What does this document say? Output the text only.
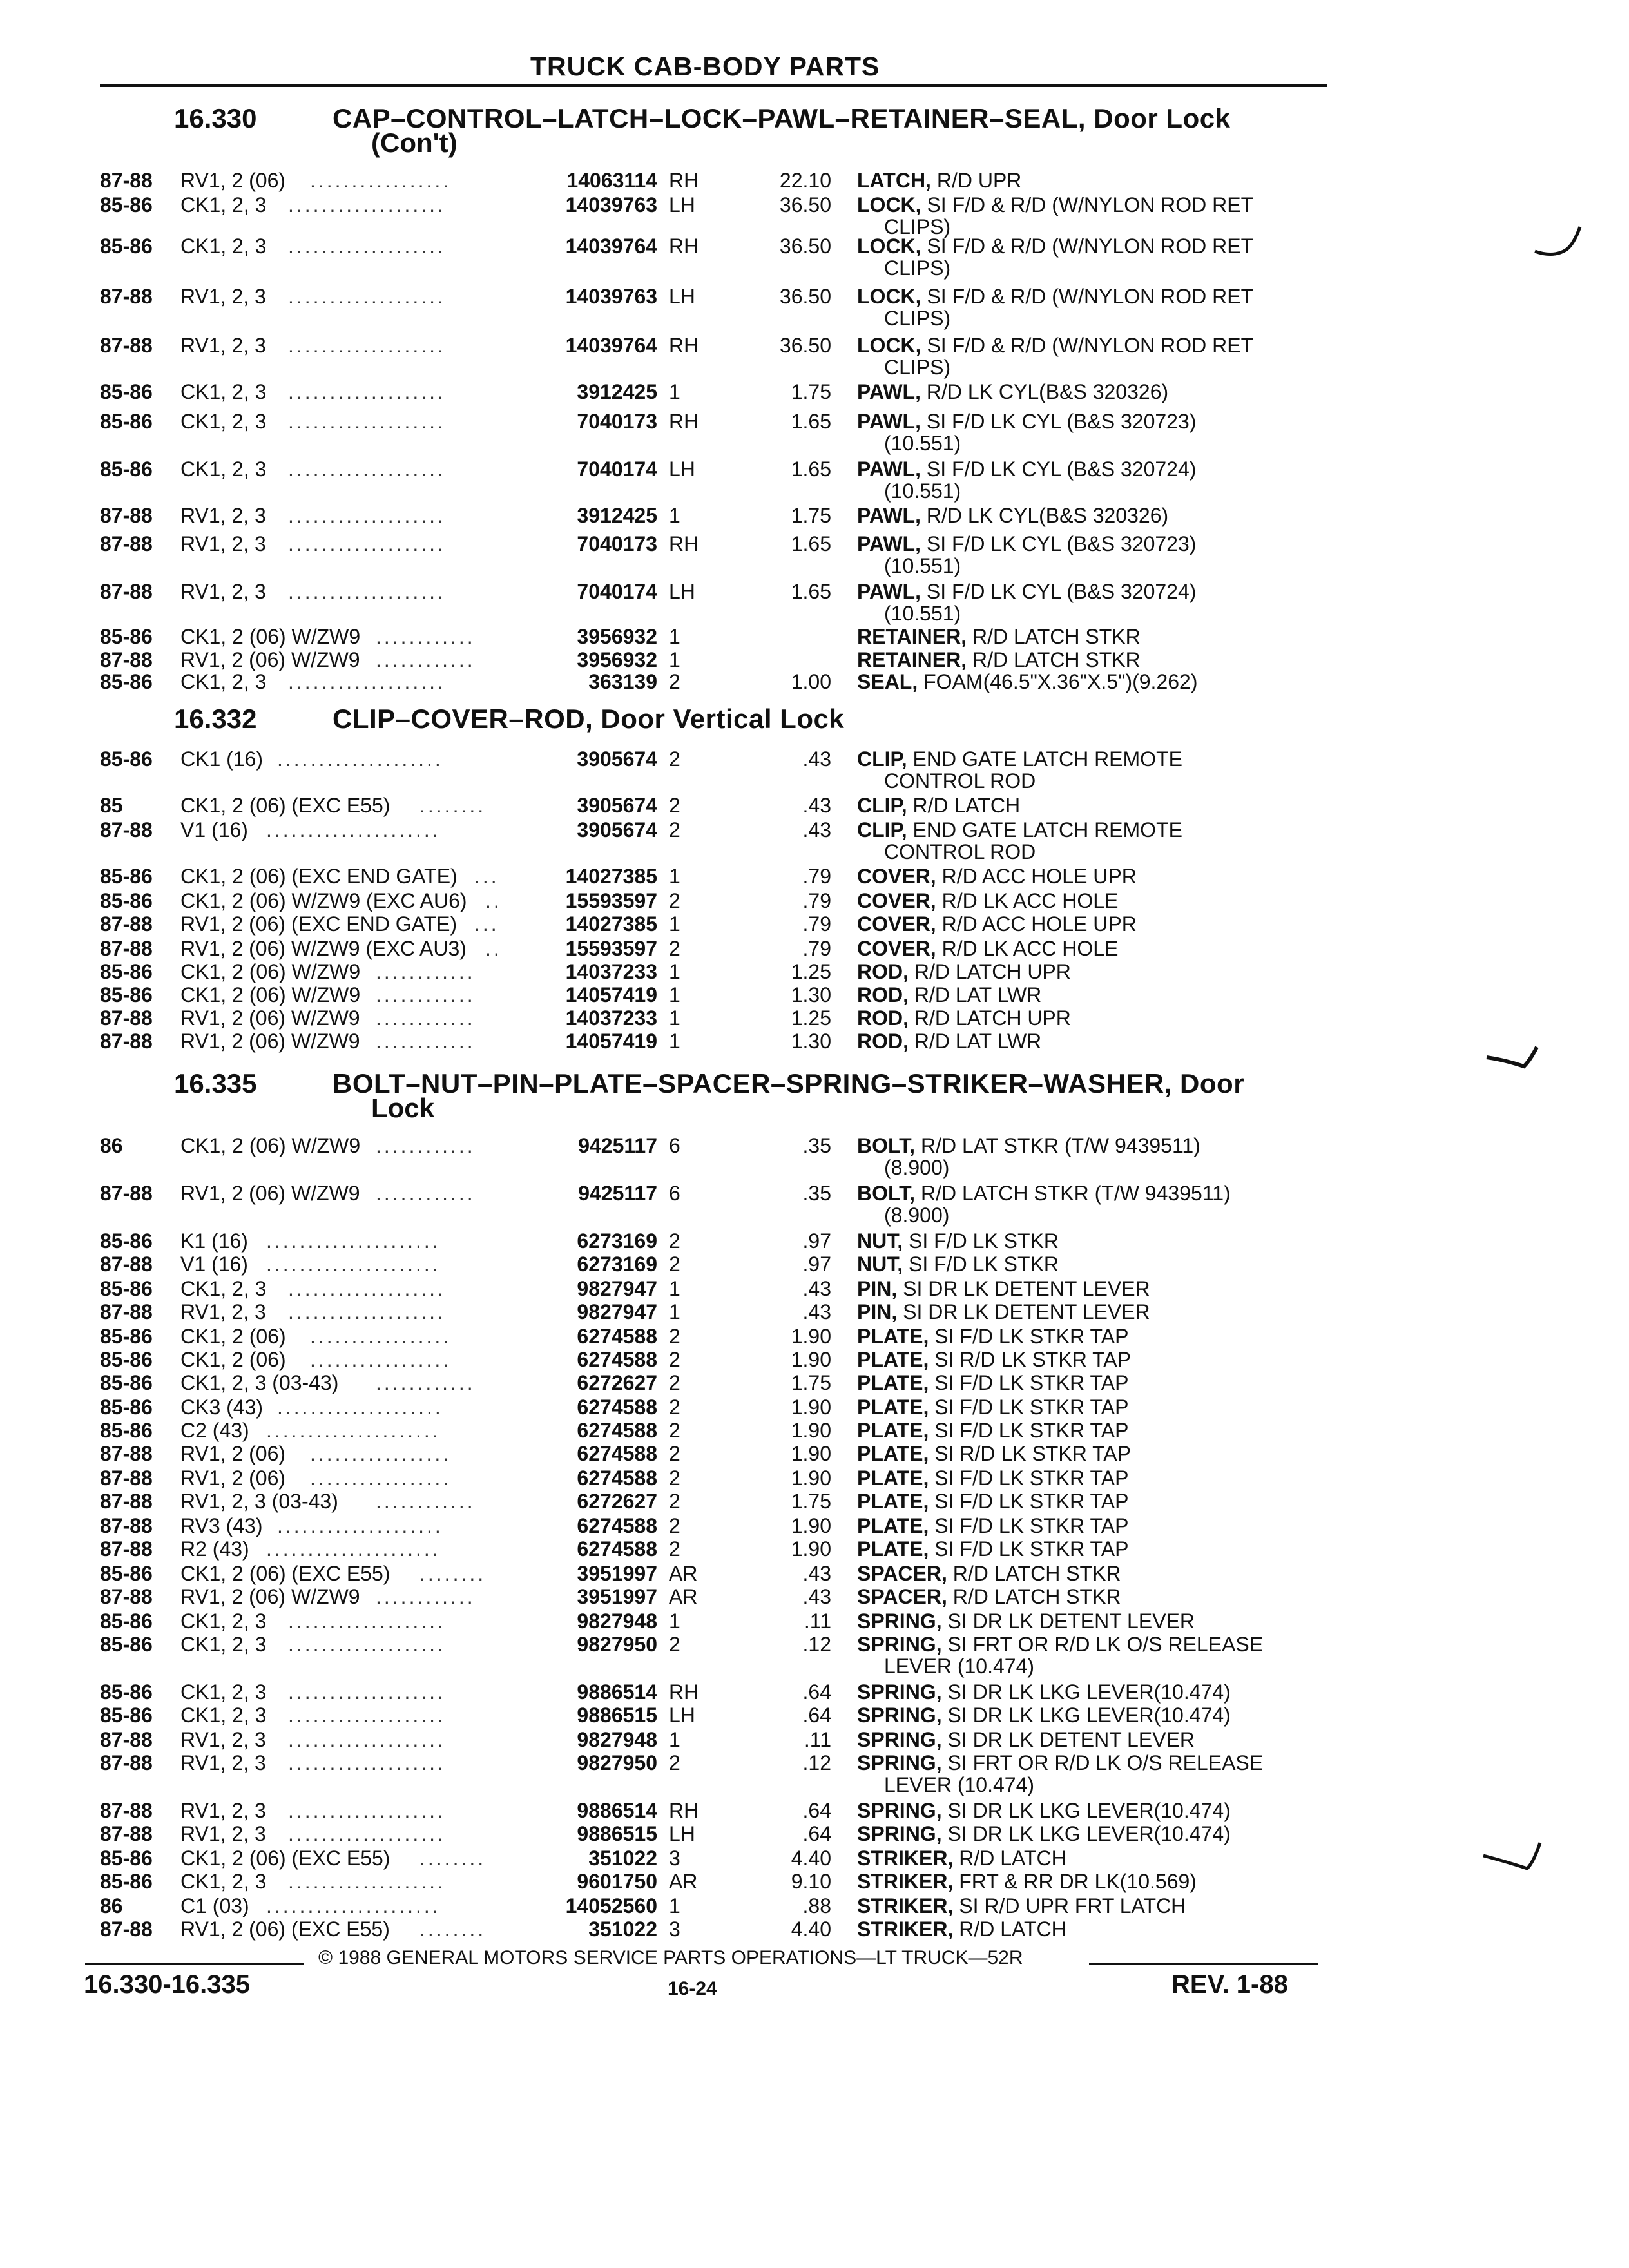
TRUCK CAB-BODY PARTS
16.330	CAP–CONTROL–LATCH–LOCK–PAWL–RETAINER–SEAL, Door Lock
(Con't)
87-88 RV1, 2 (06) .................	14063114 RH	22.10 LATCH, R/D UPR
85-86 CK1, 2, 3 ...................	14039763 LH	36.50 LOCK, SI F/D & R/D (W/NYLON ROD RET
CLIPS)
85-86 CK1, 2, 3 ...................	14039764 RH	36.50 LOCK, SI F/D & R/D (W/NYLON ROD RET
CLIPS)
87-88 RV1, 2, 3 ...................	14039763 LH	36.50 LOCK, SI F/D & R/D (W/NYLON ROD RET
CLIPS)
87-88 RV1, 2, 3 ...................	14039764 RH	36.50 LOCK, SI F/D & R/D (W/NYLON ROD RET
CLIPS)
85-86 CK1, 2, 3 ...................	3912425 1	1.75 PAWL, R/D LK CYL(B&S 320326)
85-86 CK1, 2, 3 ...................	7040173 RH	1.65 PAWL, SI F/D LK CYL (B&S 320723)
(10.551)
85-86 CK1, 2, 3 ...................	7040174 LH	1.65 PAWL, SI F/D LK CYL (B&S 320724)
(10.551)
87-88 RV1, 2, 3 ...................	3912425 1	1.75 PAWL, R/D LK CYL(B&S 320326)
87-88 RV1, 2, 3 ...................	7040173 RH	1.65 PAWL, SI F/D LK CYL (B&S 320723)
(10.551)
87-88 RV1, 2, 3 ...................	7040174 LH	1.65 PAWL, SI F/D LK CYL (B&S 320724)
(10.551)
85-86 CK1, 2 (06) W/ZW9 ............	3956932 1	RETAINER, R/D LATCH STKR
87-88 RV1, 2 (06) W/ZW9 ............	3956932 1	RETAINER, R/D LATCH STKR
85-86 CK1, 2, 3 ...................	363139 2	1.00 SEAL, FOAM(46.5"X.36"X.5")(9.262)
16.332	CLIP–COVER–ROD, Door Vertical Lock
85-86 CK1 (16) ....................	3905674 2	.43 CLIP, END GATE LATCH REMOTE
CONTROL ROD
85	CK1, 2 (06) (EXC E55) ........	3905674 2	.43 CLIP, R/D LATCH
87-88 V1 (16) .....................	3905674 2	.43 CLIP, END GATE LATCH REMOTE
CONTROL ROD
85-86 CK1, 2 (06) (EXC END GATE) ...	14027385 1	.79 COVER, R/D ACC HOLE UPR
85-86 CK1, 2 (06) W/ZW9 (EXC AU6) ..	15593597 2	.79 COVER, R/D LK ACC HOLE
87-88 RV1, 2 (06) (EXC END GATE) ...	14027385 1	.79 COVER, R/D ACC HOLE UPR
87-88 RV1, 2 (06) W/ZW9 (EXC AU3) ..	15593597 2	.79 COVER, R/D LK ACC HOLE
85-86 CK1, 2 (06) W/ZW9 ............	14037233 1	1.25 ROD, R/D LATCH UPR
85-86 CK1, 2 (06) W/ZW9 ............	14057419 1	1.30 ROD, R/D LAT LWR
87-88 RV1, 2 (06) W/ZW9 ............	14037233 1	1.25 ROD, R/D LATCH UPR
87-88 RV1, 2 (06) W/ZW9 ............	14057419 1	1.30 ROD, R/D LAT LWR
16.335	BOLT–NUT–PIN–PLATE–SPACER–SPRING–STRIKER–WASHER, Door
Lock
86	CK1, 2 (06) W/ZW9 ............	9425117 6	.35 BOLT, R/D LAT STKR (T/W 9439511)
(8.900)
87-88 RV1, 2 (06) W/ZW9 ............	9425117 6	.35 BOLT, R/D LATCH STKR (T/W 9439511)
(8.900)
85-86 K1 (16) .....................	6273169 2	.97 NUT, SI F/D LK STKR
87-88 V1 (16) .....................	6273169 2	.97 NUT, SI F/D LK STKR
85-86 CK1, 2, 3 ...................	9827947 1	.43 PIN, SI DR LK DETENT LEVER
87-88 RV1, 2, 3 ...................	9827947 1	.43 PIN, SI DR LK DETENT LEVER
85-86 CK1, 2 (06) .................	6274588 2	1.90 PLATE, SI F/D LK STKR TAP
85-86 CK1, 2 (06) .................	6274588 2	1.90 PLATE, SI R/D LK STKR TAP
85-86 CK1, 2, 3 (03-43) ............	6272627 2	1.75 PLATE, SI F/D LK STKR TAP
85-86 CK3 (43) ....................	6274588 2	1.90 PLATE, SI F/D LK STKR TAP
85-86 C2 (43) .....................	6274588 2	1.90 PLATE, SI F/D LK STKR TAP
87-88 RV1, 2 (06) .................	6274588 2	1.90 PLATE, SI R/D LK STKR TAP
87-88 RV1, 2 (06) .................	6274588 2	1.90 PLATE, SI F/D LK STKR TAP
87-88 RV1, 2, 3 (03-43) ............	6272627 2	1.75 PLATE, SI F/D LK STKR TAP
87-88 RV3 (43) ....................	6274588 2	1.90 PLATE, SI F/D LK STKR TAP
87-88 R2 (43) .....................	6274588 2	1.90 PLATE, SI F/D LK STKR TAP
85-86 CK1, 2 (06) (EXC E55) ........	3951997 AR	.43 SPACER, R/D LATCH STKR
87-88 RV1, 2 (06) W/ZW9 ............	3951997 AR	.43 SPACER, R/D LATCH STKR
85-86 CK1, 2, 3 ...................	9827948 1	.11 SPRING, SI DR LK DETENT LEVER
85-86 CK1, 2, 3 ...................	9827950 2	.12 SPRING, SI FRT OR R/D LK O/S RELEASE
LEVER (10.474)
85-86 CK1, 2, 3 ...................	9886514 RH	.64 SPRING, SI DR LK LKG LEVER(10.474)
85-86 CK1, 2, 3 ...................	9886515 LH	.64 SPRING, SI DR LK LKG LEVER(10.474)
87-88 RV1, 2, 3 ...................	9827948 1	.11 SPRING, SI DR LK DETENT LEVER
87-88 RV1, 2, 3 ...................	9827950 2	.12 SPRING, SI FRT OR R/D LK O/S RELEASE
LEVER (10.474)
87-88 RV1, 2, 3 ...................	9886514 RH	.64 SPRING, SI DR LK LKG LEVER(10.474)
87-88 RV1, 2, 3 ...................	9886515 LH	.64 SPRING, SI DR LK LKG LEVER(10.474)
85-86 CK1, 2 (06) (EXC E55) ........	351022 3	4.40 STRIKER, R/D LATCH
85-86 CK1, 2, 3 ...................	9601750 AR	9.10 STRIKER, FRT & RR DR LK(10.569)
86	C1 (03) .....................	14052560 1	.88 STRIKER, SI R/D UPR FRT LATCH
87-88 RV1, 2 (06) (EXC E55) ........	351022 3	4.40 STRIKER, R/D LATCH
© 1988 GENERAL MOTORS SERVICE PARTS OPERATIONS—LT TRUCK—52R
16.330-16.335	16-24	REV. 1-88
